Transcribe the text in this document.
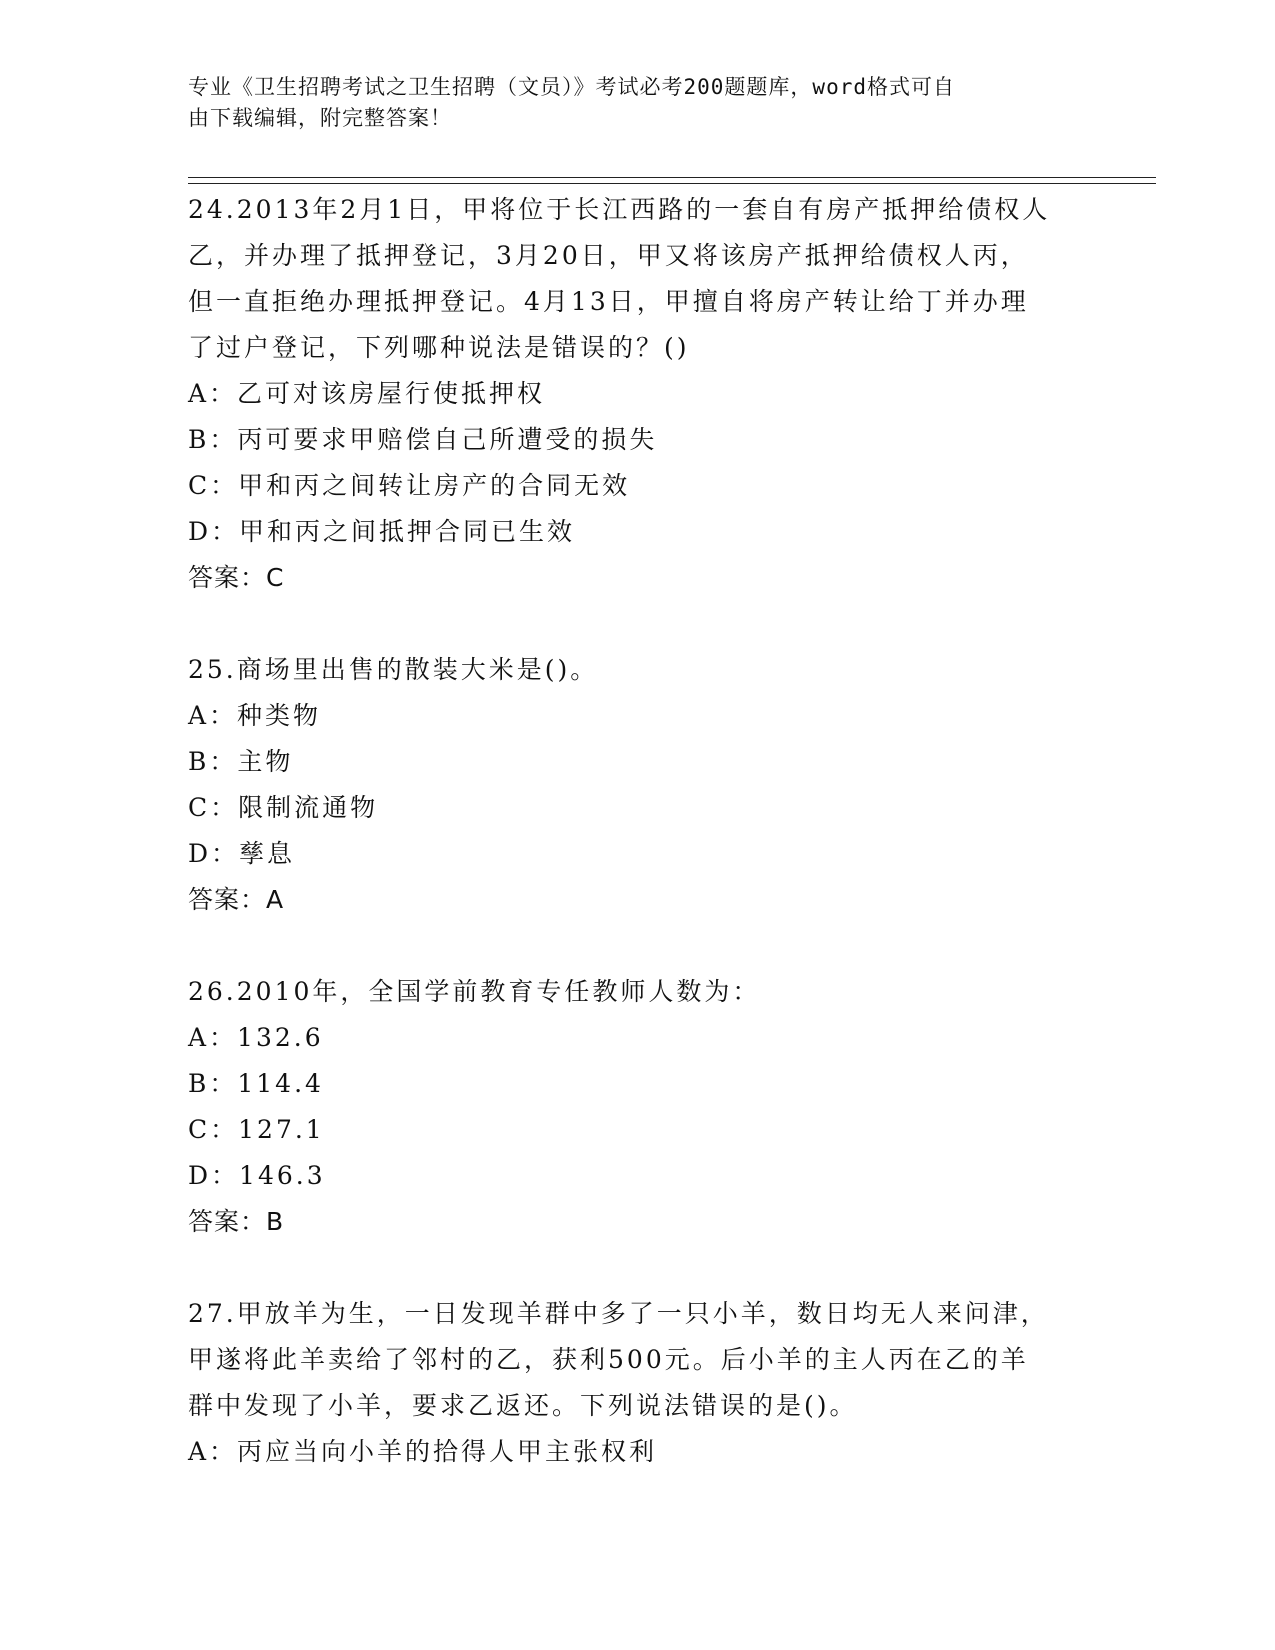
专业《卫生招聘考试之卫生招聘（文员）》考试必考200题题库，word格式可自
由下载编辑，附完整答案！
24.2013年2月1日，甲将位于长江西路的一套自有房产抵押给债权人
乙，并办理了抵押登记，3月20日，甲又将该房产抵押给债权人丙，
但一直拒绝办理抵押登记。4月13日，甲擅自将房产转让给丁并办理
了过户登记，下列哪种说法是错误的？()
A：乙可对该房屋行使抵押权
B：丙可要求甲赔偿自己所遭受的损失
C：甲和丙之间转让房产的合同无效
D：甲和丙之间抵押合同已生效
答案：C
25.商场里出售的散装大米是()。
A：种类物
B：主物
C：限制流通物
D：孳息
答案：A
26.2010年，全国学前教育专任教师人数为：
A：132.6
B：114.4
C：127.1
D：146.3
答案：B
27.甲放羊为生，一日发现羊群中多了一只小羊，数日均无人来问津，
甲遂将此羊卖给了邻村的乙，获利500元。后小羊的主人丙在乙的羊
群中发现了小羊，要求乙返还。下列说法错误的是()。
A：丙应当向小羊的拾得人甲主张权利
